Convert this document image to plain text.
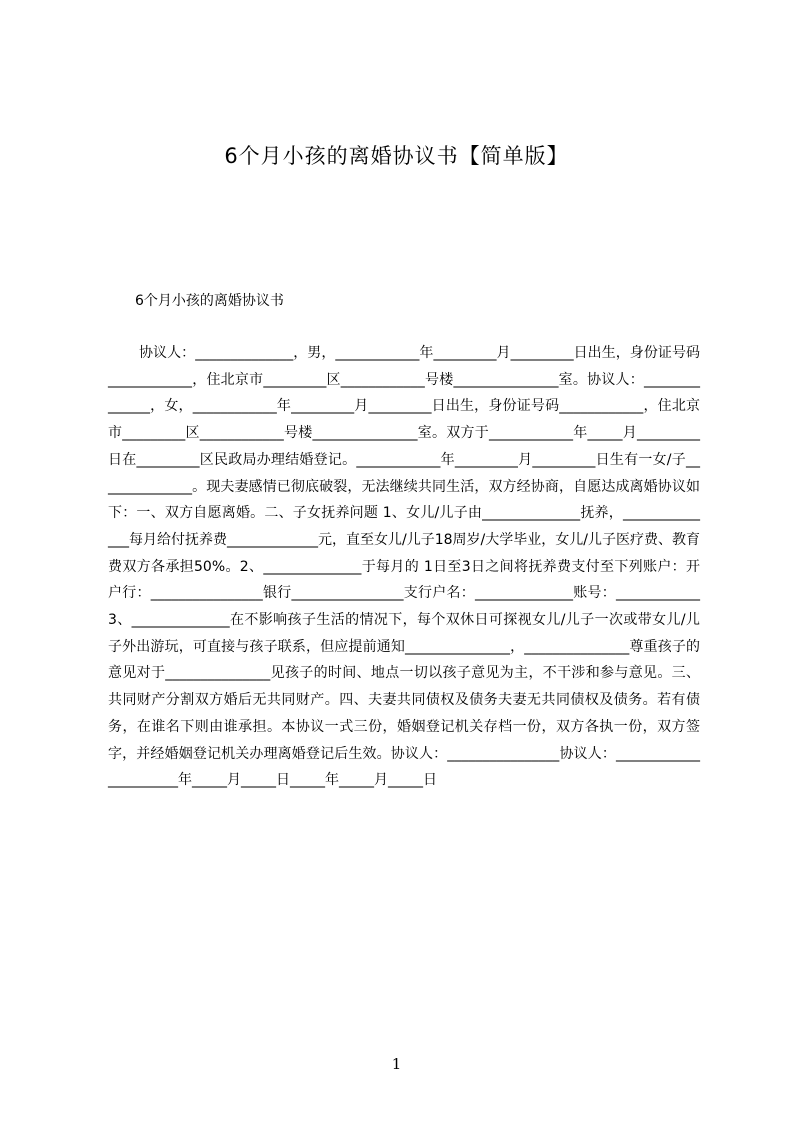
6个月小孩的离婚协议书【简单版】
6个月小孩的离婚协议书

协议人：______________，男，____________年_________月_________日出生，身份证号码____________，住北京市_________区____________号楼_______________室。协议人：______________，女，____________年_________月_________日出生，身份证号码____________，住北京市_________区____________号楼_______________室。双方于____________年_____月_________日在_________区民政局办理结婚登记。____________年_________月_________日生有一女/子______________。现夫妻感情已彻底破裂，无法继续共同生活，双方经协商，自愿达成离婚协议如下：一、双方自愿离婚。二、子女抚养问题 1、女儿/儿子由______________抚养，______________每月给付抚养费_____________元，直至女儿/儿子18周岁/大学毕业，女儿/儿子医疗费、教育费双方各承担50%。2、______________于每月的 1日至3日之间将抚养费支付至下列账户：开户行：________________银行________________支行户名：______________账号：____________3、______________在不影响孩子生活的情况下，每个双休日可探视女儿/儿子一次或带女儿/儿子外出游玩，可直接与孩子联系，但应提前通知_______________，_______________尊重孩子的意见对于_______________见孩子的时间、地点一切以孩子意见为主，不干涉和参与意见。三、共同财产分割双方婚后无共同财产。四、夫妻共同债权及债务夫妻无共同债权及债务。若有债务，在谁名下则由谁承担。本协议一式三份，婚姻登记机关存档一份，双方各执一份，双方签字，并经婚姻登记机关办理离婚登记后生效。协议人：________________协议人：______________________年_____月_____日_____年_____月_____日

1
